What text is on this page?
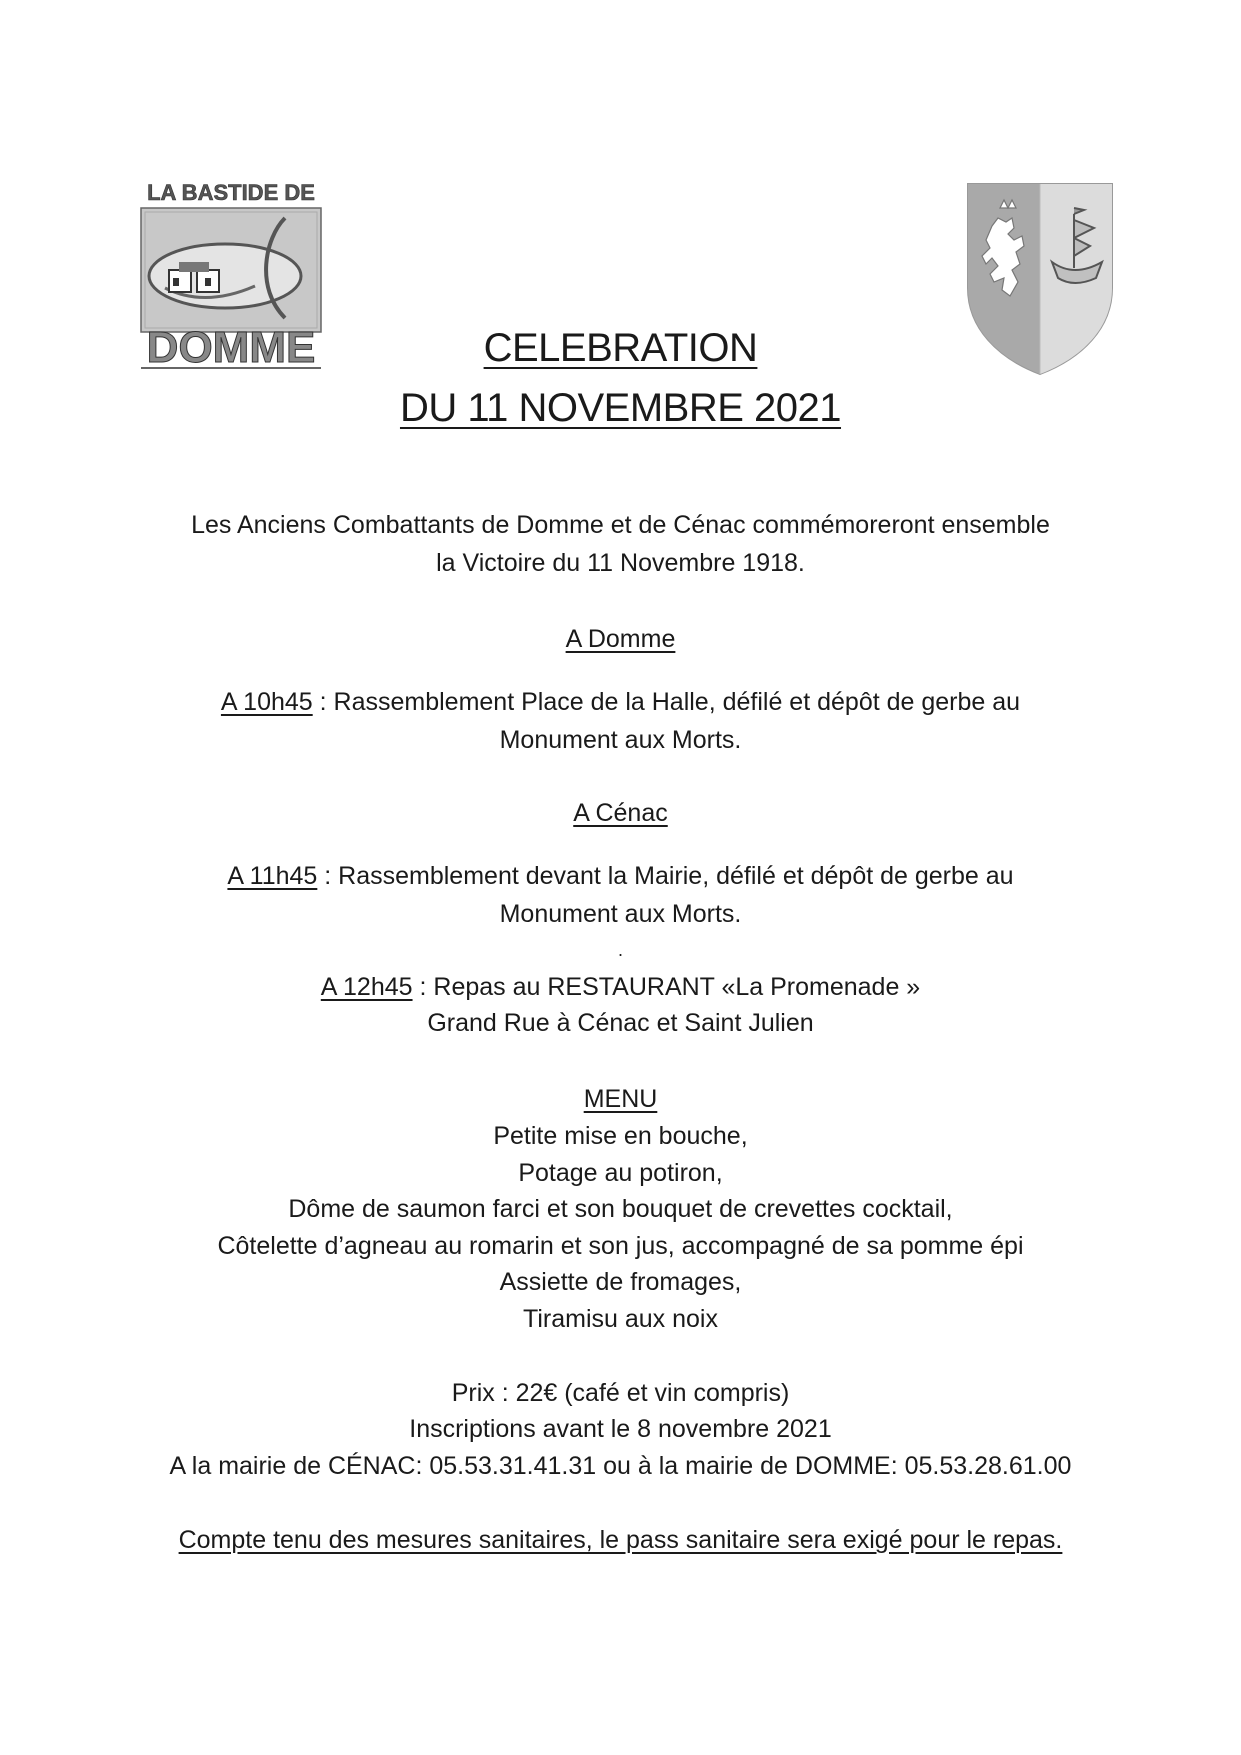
LA BASTIDE DE
DOMME	CELEBRATION
DU 11 NOVEMBRE 2021
Les Anciens Combattants de Domme et de Cénac commémoreront ensemble
la Victoire du 11 Novembre 1918.
A Domme
A 10h45 : Rassemblement Place de la Halle, défilé et dépôt de gerbe au
Monument aux Morts.
A Cénac
A 11h45 : Rassemblement devant la Mairie, défilé et dépôt de gerbe au
Monument aux Morts.
.
A 12h45 : Repas au RESTAURANT «La Promenade »
Grand Rue à Cénac et Saint Julien
MENU
Petite mise en bouche,
Potage au potiron,
Dôme de saumon farci et son bouquet de crevettes cocktail,
Côtelette d’agneau au romarin et son jus, accompagné de sa pomme épi
Assiette de fromages,
Tiramisu aux noix
Prix : 22€ (café et vin compris)
Inscriptions avant le 8 novembre 2021
A la mairie de CÉNAC: 05.53.31.41.31 ou à la mairie de DOMME: 05.53.28.61.00
Compte tenu des mesures sanitaires, le pass sanitaire sera exigé pour le repas.
